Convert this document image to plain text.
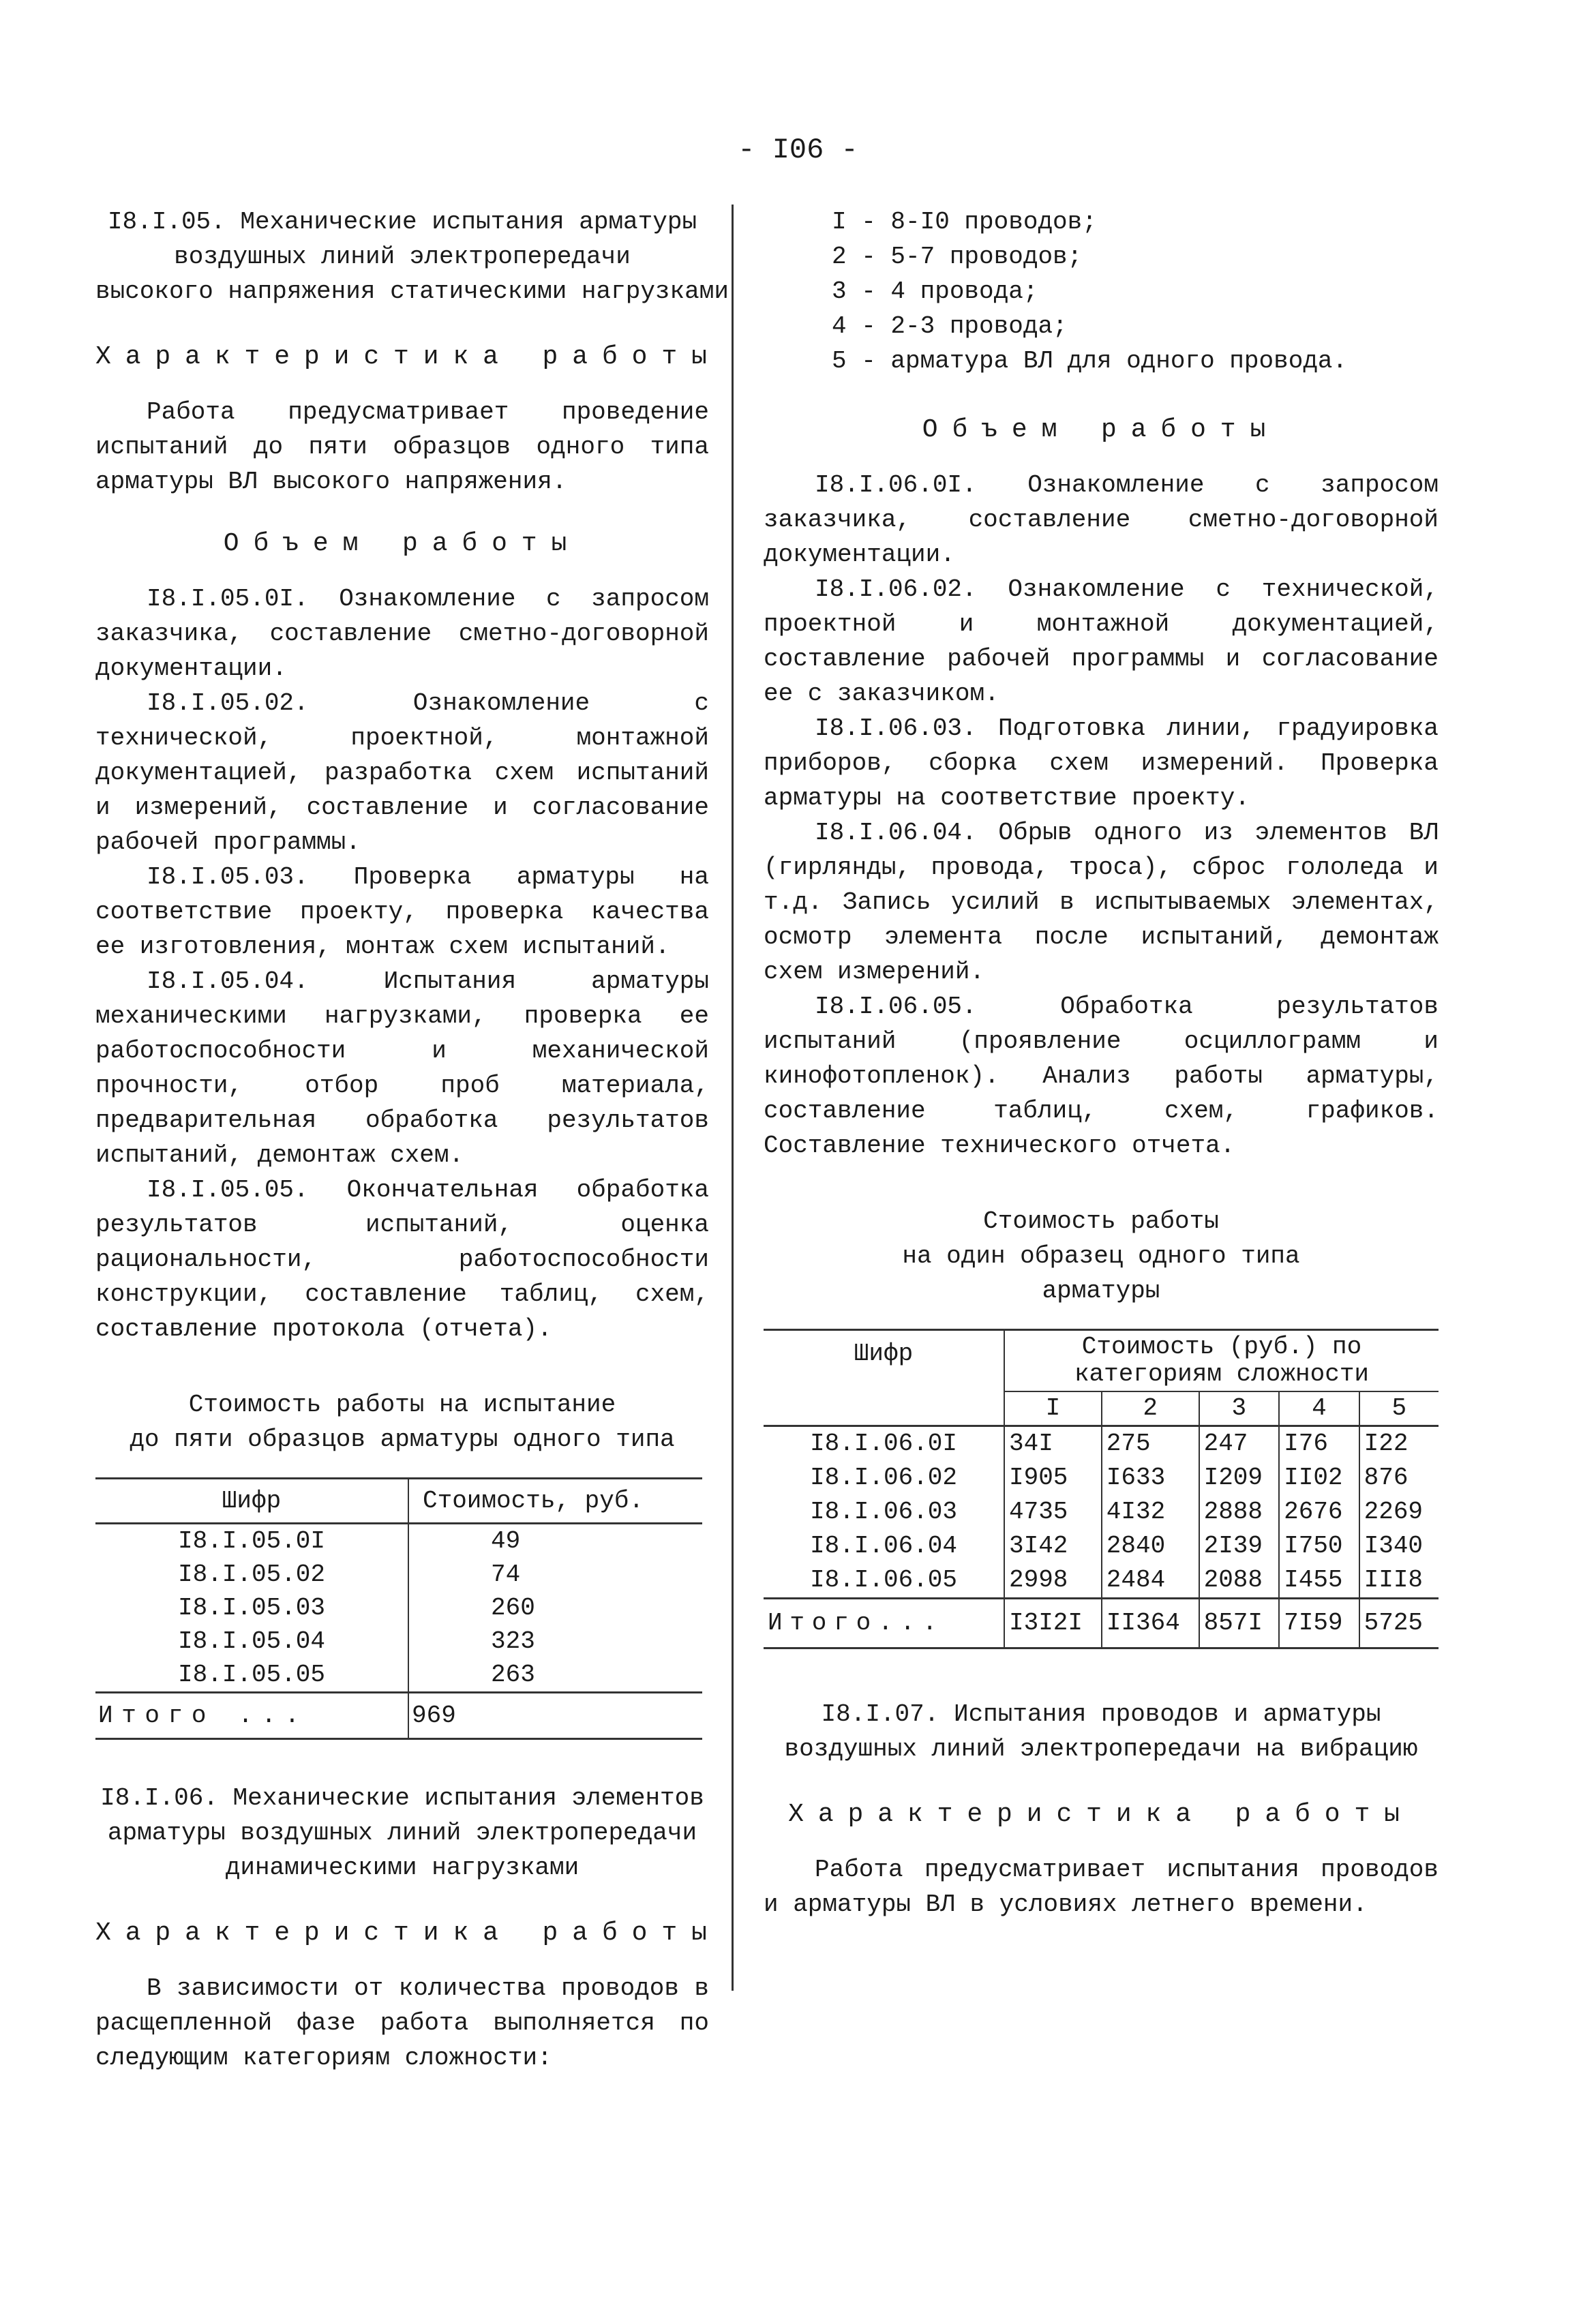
- I06 -
I8.I.05. Механические испытания арматуры
воздушных линий электропередачи
высокого напряжения статическими нагрузками
Характеристика работы

Работа предусматривает проведение испытаний до пяти образцов одного типа арматуры ВЛ высокого напряжения.

Объем работы

I8.I.05.0I. Ознакомление с запросом заказчика, составление сметно-договорной документации.

I8.I.05.02. Ознакомление с технической, проектной, монтажной документацией, разработка схем испытаний и измерений, составление и согласование рабочей программы.

I8.I.05.03. Проверка арматуры на соответствие проекту, проверка качества ее изготовления, монтаж схем испытаний.

I8.I.05.04. Испытания арматуры механическими нагрузками, проверка ее работоспособности и механической прочности, отбор проб материала, предварительная обработка результатов испытаний, демонтаж схем.

I8.I.05.05. Окончательная обработка результатов испытаний, оценка рациональности, работоспособности конструкции, составление таблиц, схем, составление протокола (отчета).

Стоимость работы на испытание
до пяти образцов арматуры одного типа
Шифр	Стоимость, руб.
I8.I.05.0I	49
I8.I.05.02	74
I8.I.05.03	260
I8.I.05.04	323
I8.I.05.05	263
Итого ...	969
I8.I.06. Механические испытания элементов
арматуры воздушных линий электропередачи
динамическими нагрузками
Характеристика работы

В зависимости от количества проводов в расщепленной фазе работа выполняется по следующим категориям сложности:

I - 8-I0 проводов;
2 - 5-7 проводов;
3 - 4 провода;
4 - 2-3 провода;
5 - арматура ВЛ для одного провода.
Объем работы

I8.I.06.0I. Ознакомление с запросом заказчика, составление сметно-договорной документации.

I8.I.06.02. Ознакомление с технической, проектной и монтажной документацией, составление рабочей программы и согласование ее с заказчиком.

I8.I.06.03. Подготовка линии, градуировка приборов, сборка схем измерений. Проверка арматуры на соответствие проекту.

I8.I.06.04. Обрыв одного из элементов ВЛ (гирлянды, провода, троса), сброс гололеда и т.д. Запись усилий в испытываемых элементах, осмотр элемента после испытаний, демонтаж схем измерений.

I8.I.06.05. Обработка результатов испытаний (проявление осциллограмм и кинофотопленок). Анализ работы арматуры, составление таблиц, схем, графиков. Составление технического отчета.

Стоимость работы
на один образец одного типа
арматуры
Шифр	Стоимость (руб.) по категориям сложности				
	I	2	3	4	5
I8.I.06.0I	34I	275	247	I76	I22
I8.I.06.02	I905	I633	I209	II02	876
I8.I.06.03	4735	4I32	2888	2676	2269
I8.I.06.04	3I42	2840	2I39	I750	I340
I8.I.06.05	2998	2484	2088	I455	III8
Итого...	I3I2I	II364	857I	7I59	5725
I8.I.07. Испытания проводов и арматуры
воздушных линий электропередачи на вибрацию
Характеристика работы

Работа предусматривает испытания проводов и арматуры ВЛ в условиях летнего времени.
